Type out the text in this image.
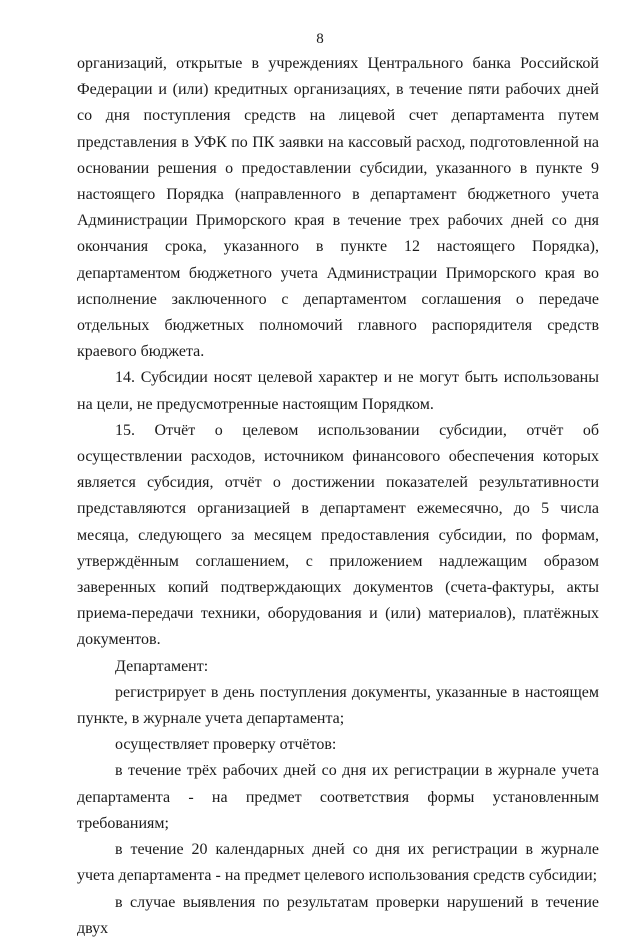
8

организаций, открытые в учреждениях Центрального банка Российской Федерации и (или) кредитных организациях, в течение пяти рабочих дней со дня поступления средств на лицевой счет департамента путем представления в УФК по ПК заявки на кассовый расход, подготовленной на основании решения о предоставлении субсидии, указанного в пункте 9 настоящего Порядка (направленного в департамент бюджетного учета Администрации Приморского края в течение трех рабочих дней со дня окончания срока, указанного в пункте 12 настоящего Порядка), департаментом бюджетного учета Администрации Приморского края во исполнение заключенного с департаментом соглашения о передаче отдельных бюджетных полномочий главного распорядителя средств краевого бюджета.

14. Субсидии носят целевой характер и не могут быть использованы на цели, не предусмотренные настоящим Порядком.

15. Отчёт о целевом использовании субсидии, отчёт об осуществлении расходов, источником финансового обеспечения которых является субсидия, отчёт о достижении показателей результативности представляются организацией в департамент ежемесячно, до 5 числа месяца, следующего за месяцем предоставления субсидии, по формам, утверждённым соглашением, с приложением надлежащим образом заверенных копий подтверждающих документов (счета-фактуры, акты приема-передачи техники, оборудования и (или) материалов), платёжных документов.

Департамент:

регистрирует в день поступления документы, указанные в настоящем пункте, в журнале учета департамента;

осуществляет проверку отчётов:

в течение трёх рабочих дней со дня их регистрации в журнале учета департамента - на предмет соответствия формы установленным требованиям;

в течение 20 календарных дней со дня их регистрации в журнале учета департамента - на предмет целевого использования средств субсидии;

в случае выявления по результатам проверки нарушений в течение двух
